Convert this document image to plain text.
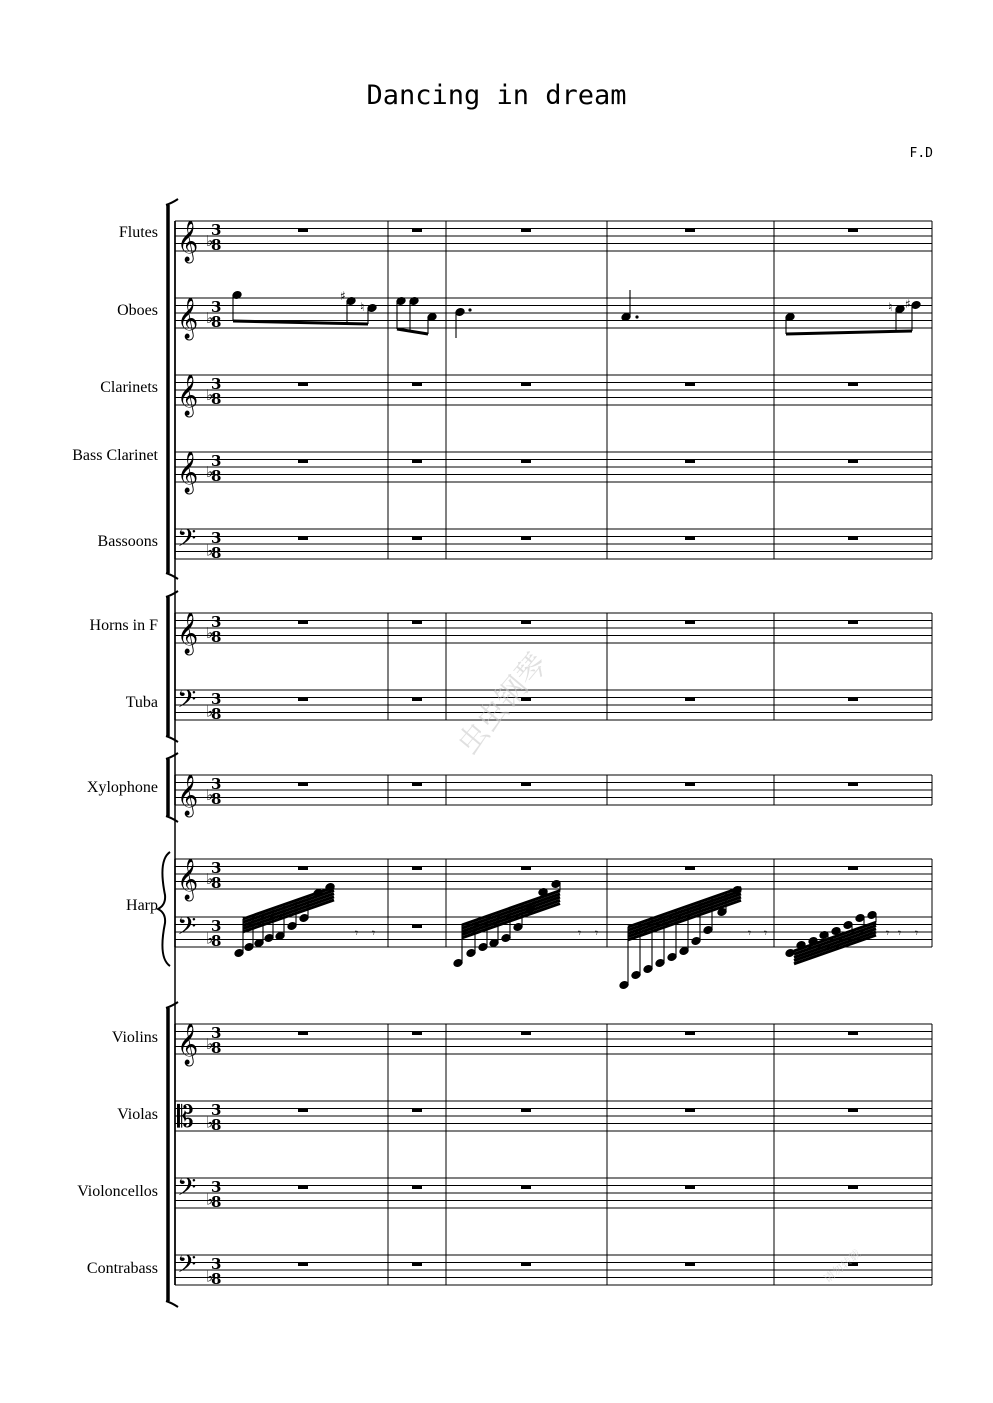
Dancing in dream
F.D
Flutes
Oboes
Clarinets
Bass Clarinet
Bassoons
Horns in F
Tuba
Xylophone
Harp
Violins
Violas
Violoncellos
Contrabass
𝄞 ♭
3
8
𝄞 ♭
3
8
𝄞 ♭
3
8
𝄞 ♭
3
8
𝄢 ♭
3
8
𝄞 ♭
3
8
𝄢 ♭
3
8
𝄞 ♭
3
8
𝄞 ♭
3
8
𝄢 ♭
3
8
𝄞 ♭
3
8
𝄡 ♭
3
8
𝄢 ♭
3
8
𝄢 ♭
3
8
♯
♮	♮ ♯
𝄾 𝄾	𝄾 𝄾	𝄾 𝄾	𝄾 𝄾 𝄾
虫虫钢琴
请勿转载
